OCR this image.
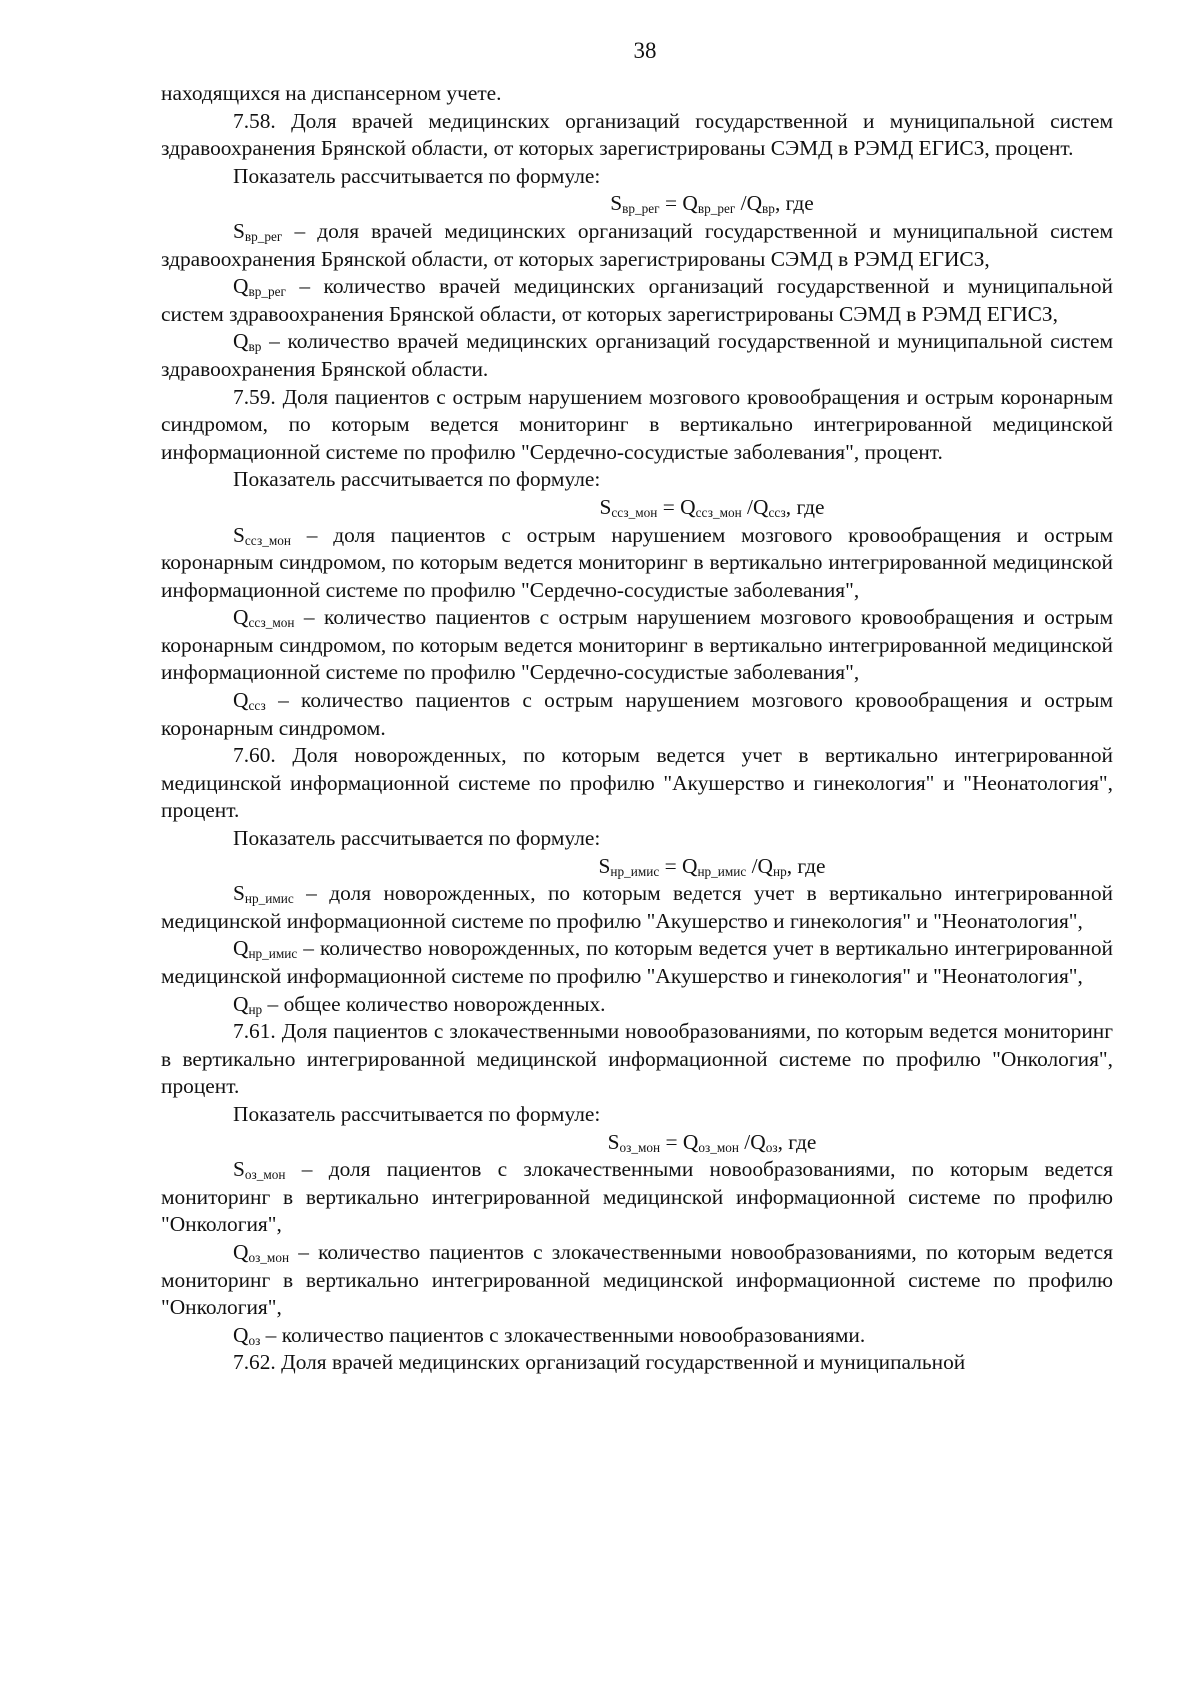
38

находящихся на диспансерном учете.

7.58. Доля врачей медицинских организаций государственной и муниципальной систем здравоохранения Брянской области, от которых зарегистрированы СЭМД в РЭМД ЕГИСЗ, процент.

Показатель рассчитывается по формуле:

$S_{вр\_рег} = Q_{вр\_рег}$ $/Q_{вр}$, где

$S_{вр\_рег}$ – доля врачей медицинских организаций государственной и муниципальной систем здравоохранения Брянской области, от которых зарегистрированы СЭМД в РЭМД ЕГИСЗ,

$Q_{вр\_рег}$ – количество врачей медицинских организаций государственной и муниципальной систем здравоохранения Брянской области, от которых зарегистрированы СЭМД в РЭМД ЕГИСЗ,

$Q_{вр}$ – количество врачей медицинских организаций государственной и муниципальной систем здравоохранения Брянской области.

7.59. Доля пациентов с острым нарушением мозгового кровообращения и острым коронарным синдромом, по которым ведется мониторинг в вертикально интегрированной медицинской информационной системе по профилю "Сердечно-сосудистые заболевания", процент.

Показатель рассчитывается по формуле:

$S_{ссз\_мон} = Q_{ссз\_мон}$ $/Q_{ссз}$, где

$S_{ссз\_мон}$ – доля пациентов с острым нарушением мозгового кровообращения и острым коронарным синдромом, по которым ведется мониторинг в вертикально интегрированной медицинской информационной системе по профилю "Сердечно-сосудистые заболевания",

$Q_{ссз\_мон}$ – количество пациентов с острым нарушением мозгового кровообращения и острым коронарным синдромом, по которым ведется мониторинг в вертикально интегрированной медицинской информационной системе по профилю "Сердечно-сосудистые заболевания",

$Q_{ссз}$ – количество пациентов с острым нарушением мозгового кровообращения и острым коронарным синдромом.

7.60. Доля новорожденных, по которым ведется учет в вертикально интегрированной медицинской информационной системе по профилю "Акушерство и гинекология" и "Неонатология", процент.

Показатель рассчитывается по формуле:

$S_{нр\_имис} = Q_{нр\_имис}$ $/Q_{нр}$, где

$S_{нр\_имис}$ – доля новорожденных, по которым ведется учет в вертикально интегрированной медицинской информационной системе по профилю "Акушерство и гинекология" и "Неонатология",

$Q_{нр\_имис}$ – количество новорожденных, по которым ведется учет в вертикально интегрированной медицинской информационной системе по профилю "Акушерство и гинекология" и "Неонатология",

$Q_{нр}$ – общее количество новорожденных.

7.61. Доля пациентов с злокачественными новообразованиями, по которым ведется мониторинг в вертикально интегрированной медицинской информационной системе по профилю "Онкология", процент.

Показатель рассчитывается по формуле:

$S_{оз\_мон} = Q_{оз\_мон}$ $/Q_{оз}$, где

$S_{оз\_мон}$ – доля пациентов с злокачественными новообразованиями, по которым ведется мониторинг в вертикально интегрированной медицинской информационной системе по профилю "Онкология",

$Q_{оз\_мон}$ – количество пациентов с злокачественными новообразованиями, по которым ведется мониторинг в вертикально интегрированной медицинской информационной системе по профилю "Онкология",

$Q_{оз}$ – количество пациентов с злокачественными новообразованиями.

7.62. Доля врачей медицинских организаций государственной и муниципальной
